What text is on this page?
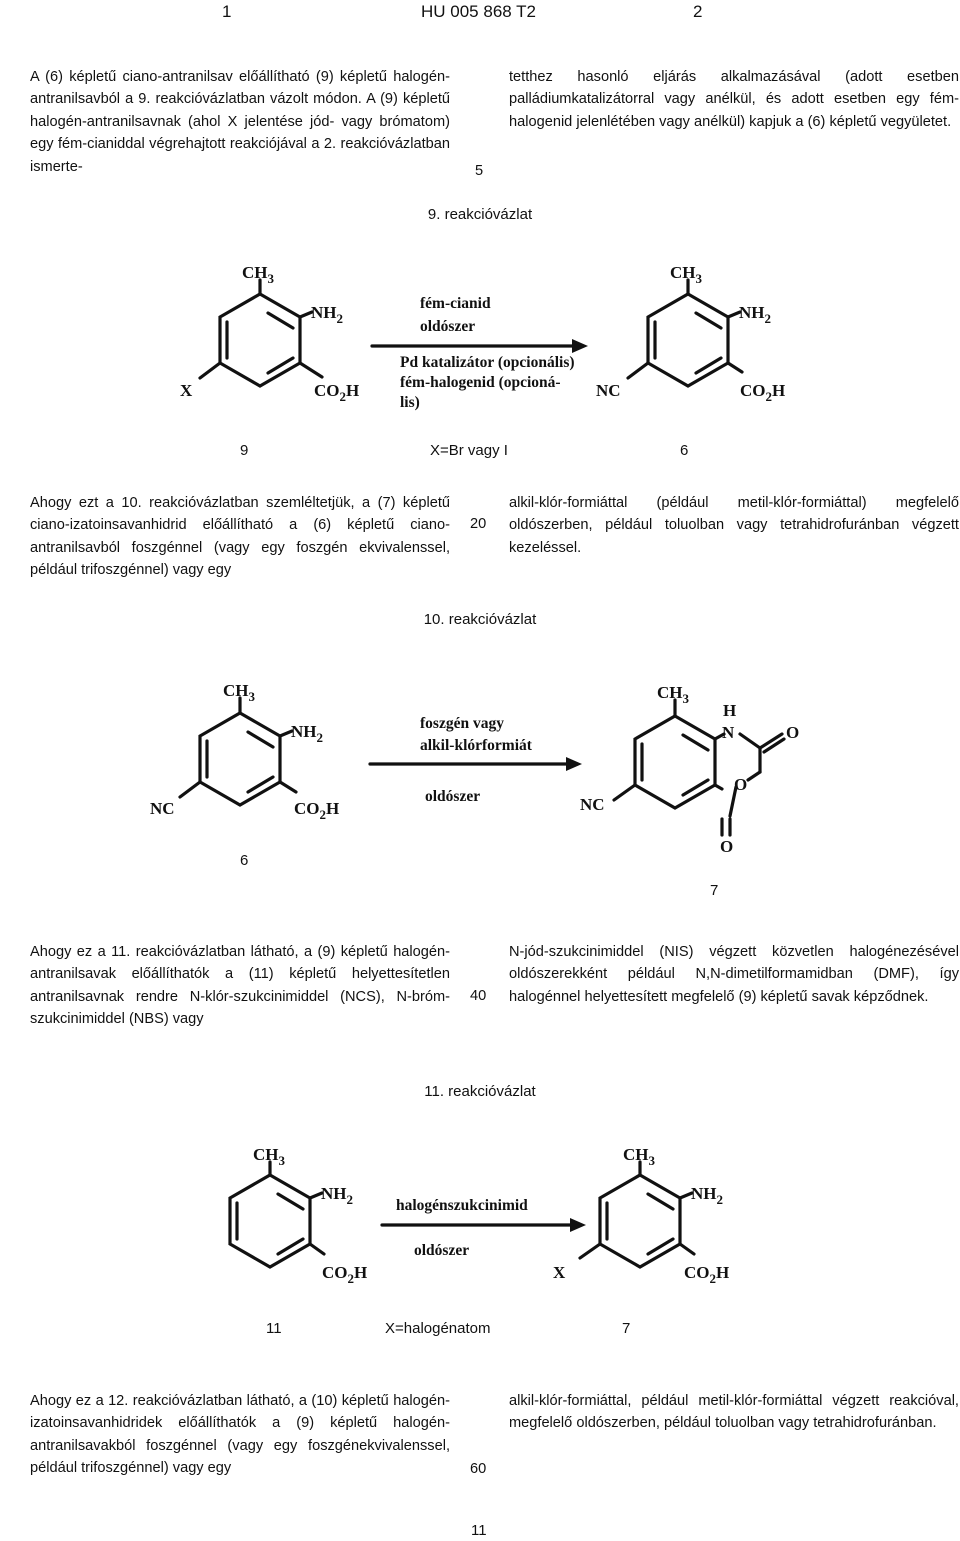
1	HU 005 868 T2	2
A (6) képletű ciano-antranilsav előállítható (9) képletű halogén-antranilsavból a 9. reakcióvázlatban vázolt módon. A (9) képletű halogén-antranilsavnak (ahol X jelentése jód- vagy brómatom) egy fém-cianiddal végrehajtott reakciójával a 2. reakcióvázlatban ismerte-	5
tetthez hasonló eljárás alkalmazásával (adott esetben palládiumkatalizátorral vagy anélkül, és adott esetben egy fém-halogenid jelenlétében vagy anélkül) kapjuk a (6) képletű vegyületet.
9. reakcióvázlat
$CH_3$
$NH_2$
$CO_2H$
X
fém-cianid
oldószer
Pd katalizátor (opcionális)
fém-halogenid (opcioná-
lis)
$CH_3$
$NH_2$
$CO_2H$
NC
9	X=Br vagy I	6
Ahogy ezt a 10. reakcióvázlatban szemléltetjük, a (7) képletű ciano-izatoinsavanhidrid előállítható a (6) képletű ciano-antranilsavból foszgénnel (vagy egy foszgén ekvivalenssel, például trifoszgénnel) vagy egy
20
alkil-klór-formiáttal (például metil-klór-formiáttal) megfelelő oldószerben, például toluolban vagy tetrahidrofuránban végzett kezeléssel.
10. reakcióvázlat
$CH_3$
$NH_2$
$CO_2H$
NC
foszgén vagy
alkil-klórformiát
oldószer
$CH_3$
H
N	O
O
O
NC
6
7
Ahogy ez a 11. reakcióvázlatban látható, a (9) képletű halogén-antranilsavak előállíthatók a (11) képletű helyettesítetlen antranilsavnak rendre N-klór-szukcinimiddel (NCS), N-bróm-szukcinimiddel (NBS) vagy
40
N-jód-szukcinimiddel (NIS) végzett közvetlen halogénezésével oldószerekként például N,N-dimetilformamidban (DMF), így halogénnel helyettesített megfelelő (9) képletű savak képződnek.
11. reakcióvázlat
$CH_3$
$NH_2$
$CO_2H$
halogénszukcinimid
oldószer
$CH_3$
$NH_2$
$CO_2H$
X
11	X=halogénatom	7
Ahogy ez a 12. reakcióvázlatban látható, a (10) képletű halogén-izatoinsavanhidridek előállíthatók a (9) képletű halogén-antranilsavakból foszgénnel (vagy egy foszgénekvivalenssel, például trifoszgénnel) vagy egy	60
alkil-klór-formiáttal, például metil-klór-formiáttal végzett reakcióval, megfelelő oldószerben, például toluolban vagy tetrahidrofuránban.
11
